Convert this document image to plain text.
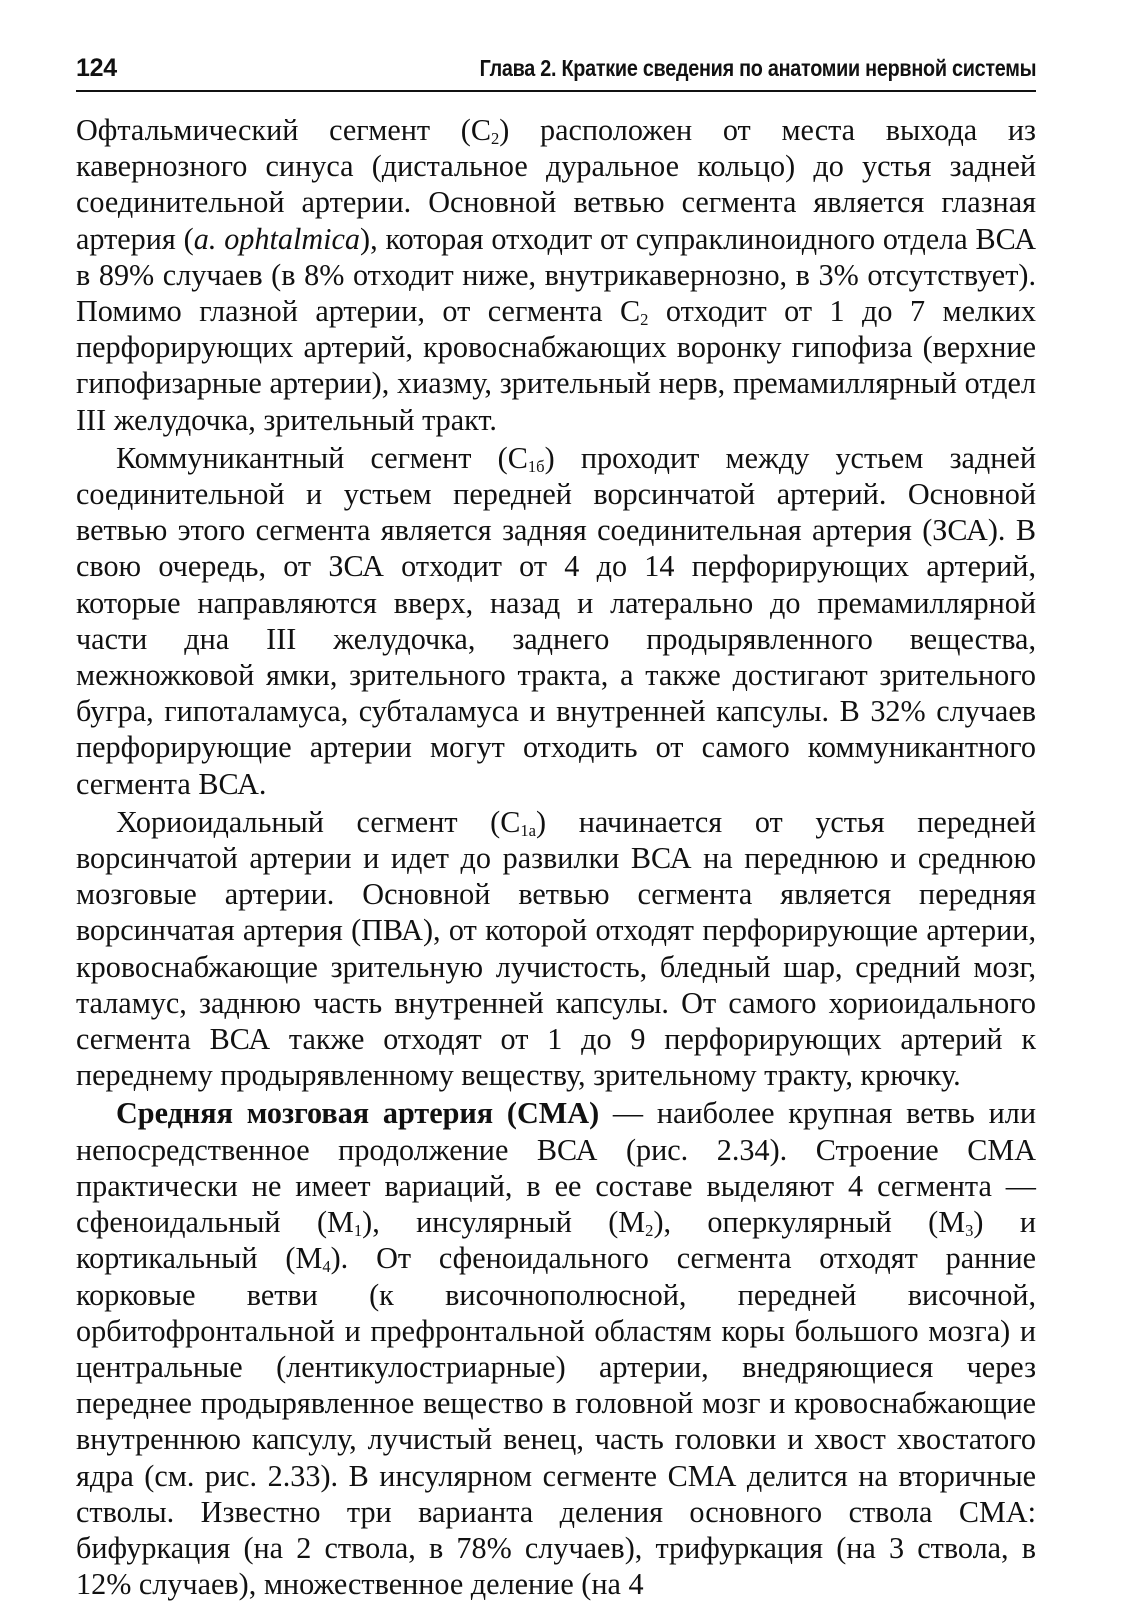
124	Глава 2. Краткие сведения по анатомии нервной системы

Офтальмический сегмент $(С_2)$ расположен от места выхода из кавернозного синуса (дистальное дуральное кольцо) до устья задней соединительной артерии. Основной ветвью сегмента является глазная артерия (a. ophtalmica), которая отходит от супраклиноидного отдела ВСА в 89% случаев (в 8% отходит ниже, внутрикавернозно, в 3% отсутствует). Помимо глазной артерии, от сегмента $С_2$ отходит от 1 до 7 мелких перфорирующих артерий, кровоснабжающих воронку гипофиза (верхние гипофизарные артерии), хиазму, зрительный нерв, премамиллярный отдел III желудочка, зрительный тракт.

Коммуникантный сегмент $(С_{1б})$ проходит между устьем задней соединительной и устьем передней ворсинчатой артерий. Основной ветвью этого сегмента является задняя соединительная артерия (ЗСА). В свою очередь, от ЗСА отходит от 4 до 14 перфорирующих артерий, которые направляются вверх, назад и латерально до премамиллярной части дна III желудочка, заднего продырявленного вещества, межножковой ямки, зрительного тракта, а также достигают зрительного бугра, гипоталамуса, субталамуса и внутренней капсулы. В 32% случаев перфорирующие артерии могут отходить от самого коммуникантного сегмента ВСА.

Хориоидальный сегмент $(С_{1а})$ начинается от устья передней ворсинчатой артерии и идет до развилки ВСА на переднюю и среднюю мозговые артерии. Основной ветвью сегмента является передняя ворсинчатая артерия (ПВА), от которой отходят перфорирующие артерии, кровоснабжающие зрительную лучистость, бледный шар, средний мозг, таламус, заднюю часть внутренней капсулы. От самого хориоидального сегмента ВСА также отходят от 1 до 9 перфорирующих артерий к переднему продырявленному веществу, зрительному тракту, крючку.

Средняя мозговая артерия (СМА) — наиболее крупная ветвь или непосредственное продолжение ВСА (рис. 2.34). Строение СМА практически не имеет вариаций, в ее составе выделяют 4 сегмента — сфеноидальный $(М_1)$, инсулярный $(М_2)$, оперкулярный $(М_3)$ и кортикальный $(М_4)$. От сфеноидального сегмента отходят ранние корковые ветви (к височнополюсной, передней височной, орбитофронтальной и префронтальной областям коры большого мозга) и центральные (лентикулостриарные) артерии, внедряющиеся через переднее продырявленное вещество в головной мозг и кровоснабжающие внутреннюю капсулу, лучистый венец, часть головки и хвост хвостатого ядра (см. рис. 2.33). В инсулярном сегменте СМА делится на вторичные стволы. Известно три варианта деления основного ствола СМА: бифуркация (на 2 ствола, в 78% случаев), трифуркация (на 3 ствола, в 12% случаев), множественное деление (на 4
